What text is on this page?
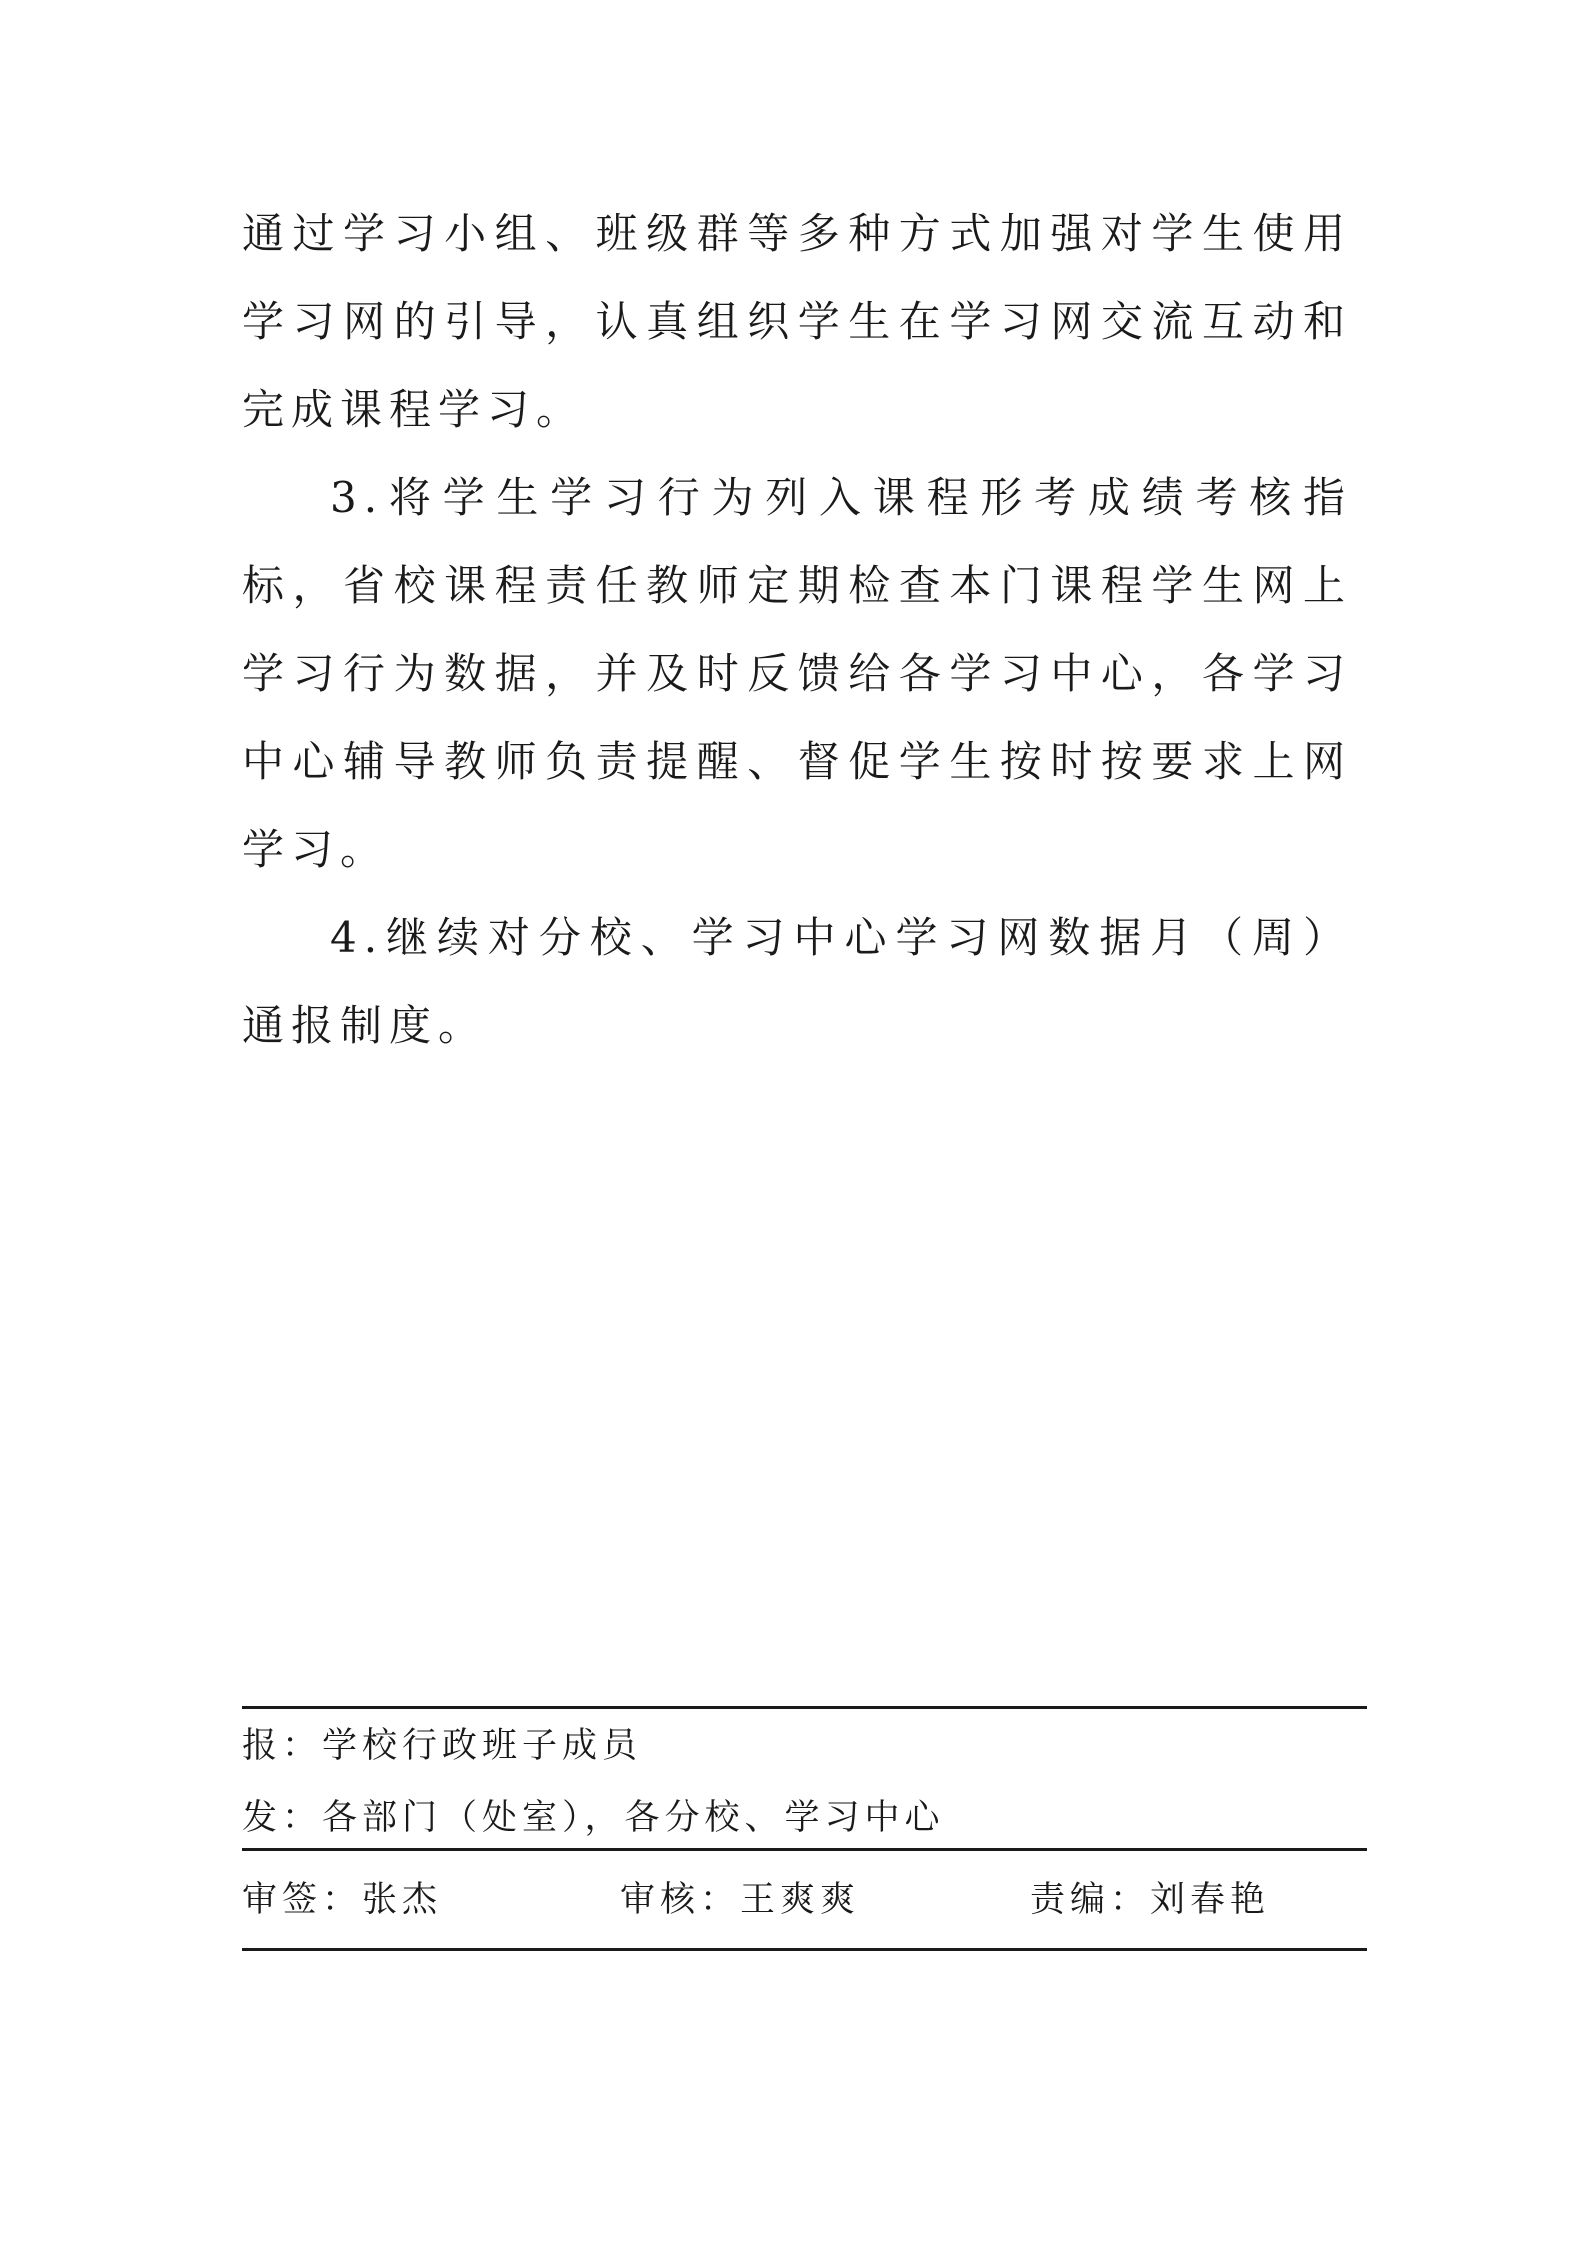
通过学习小组、班级群等多种方式加强对学生使用学习网的引导，认真组织学生在学习网交流互动和完成课程学习。

3.将学生学习行为列入课程形考成绩考核指标，省校课程责任教师定期检查本门课程学生网上学习行为数据，并及时反馈给各学习中心，各学习中心辅导教师负责提醒、督促学生按时按要求上网学习。

4.继续对分校、学习中心学习网数据月（周）通报制度。

报：学校行政班子成员
发：各部门（处室），各分校、学习中心
审签：张杰	审核：王爽爽	责编：刘春艳
